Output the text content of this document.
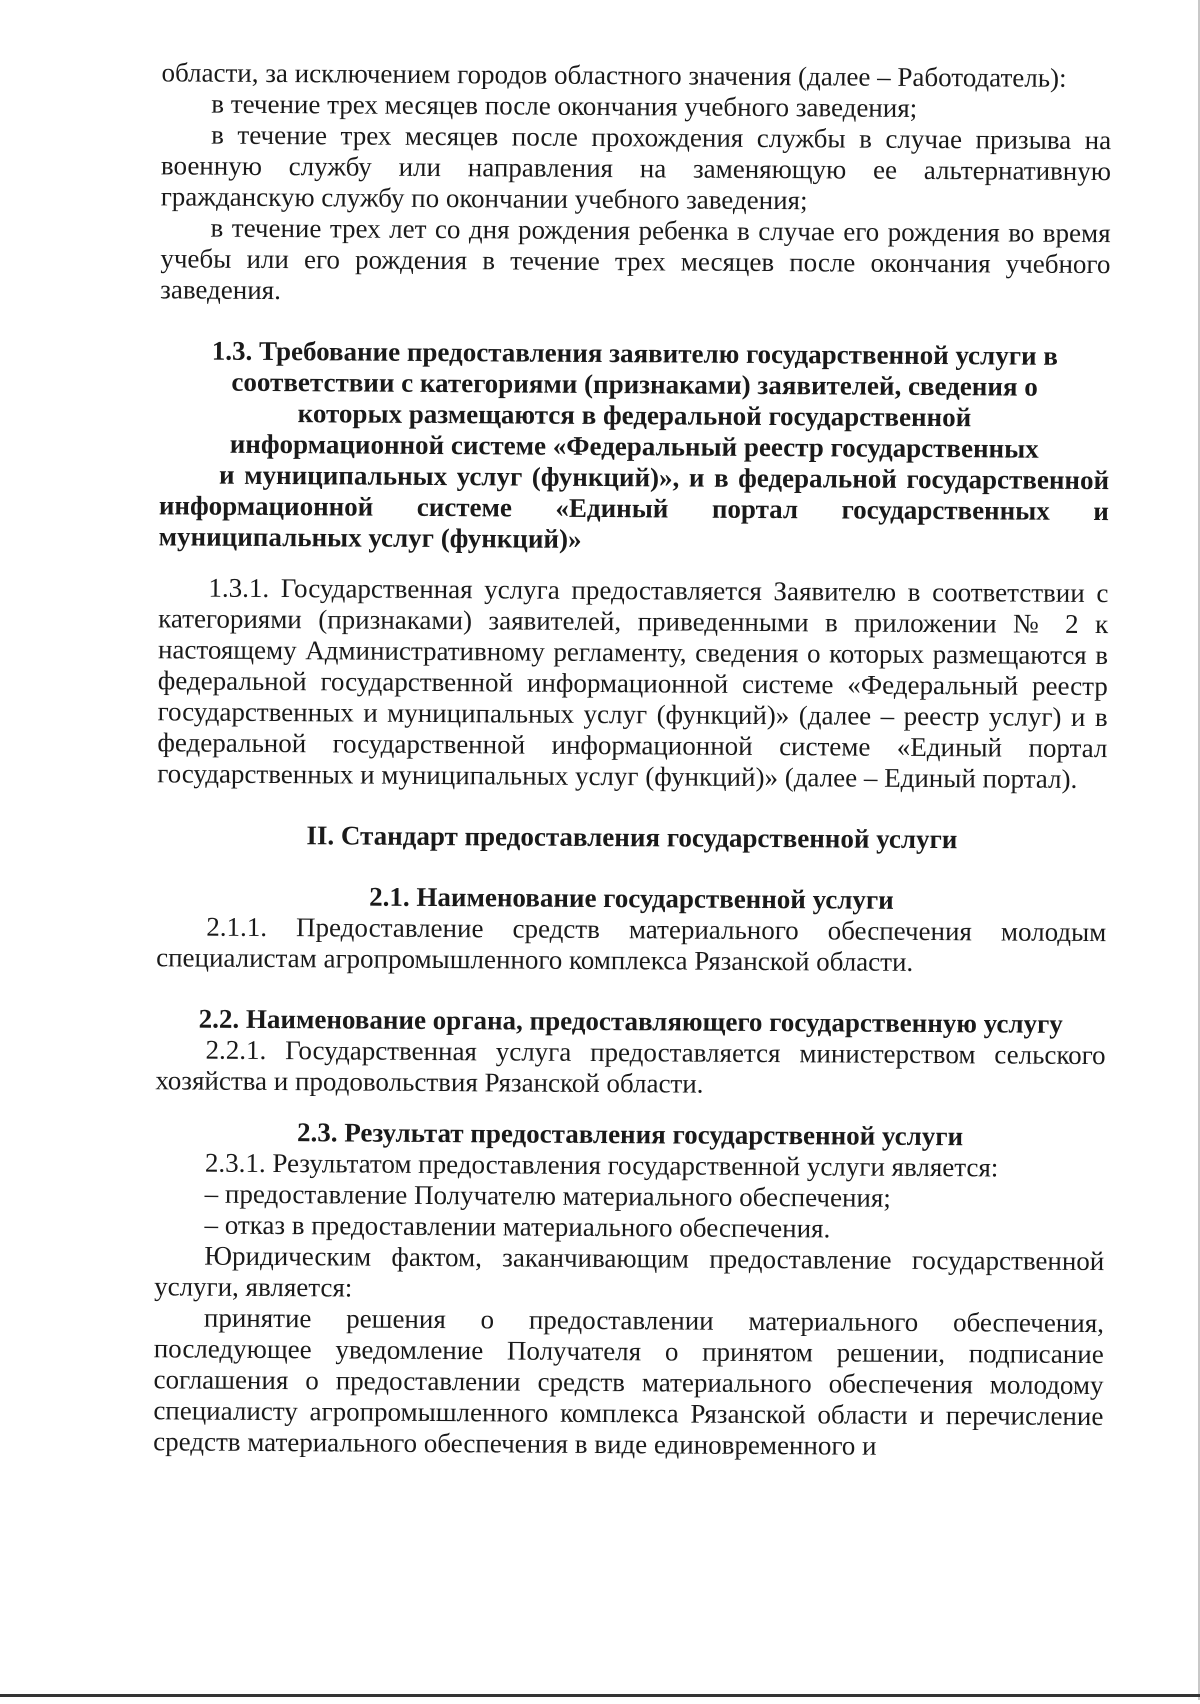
области, за исключением городов областного значения (далее – Работодатель):

в течение трех месяцев после окончания учебного заведения;

в течение трех месяцев после прохождения службы в случае призыва на военную службу или направления на заменяющую ее альтернативную гражданскую службу по окончании учебного заведения;

в течение трех лет со дня рождения ребенка в случае его рождения во время учебы или его рождения в течение трех месяцев после окончания учебного заведения.

1.3. Требование предоставления заявителю государственной услуги в соответствии с категориями (признаками) заявителей, сведения о которых размещаются в федеральной государственной информационной системе «Федеральный реестр государственных

и муниципальных услуг (функций)», и в федеральной государственной информационной системе «Единый портал государственных и муниципальных услуг (функций)»

1.3.1. Государственная услуга предоставляется Заявителю в соответствии с категориями (признаками) заявителей, приведенными в приложении № 2 к настоящему Административному регламенту, сведения о которых размещаются в федеральной государственной информационной системе «Федеральный реестр государственных и муниципальных услуг (функций)» (далее – реестр услуг) и в федеральной государственной информационной системе «Единый портал государственных и муниципальных услуг (функций)» (далее – Единый портал).

II. Стандарт предоставления государственной услуги

2.1. Наименование государственной услуги

2.1.1. Предоставление средств материального обеспечения молодым специалистам агропромышленного комплекса Рязанской области.

2.2. Наименование органа, предоставляющего государственную услугу

2.2.1. Государственная услуга предоставляется министерством сельского хозяйства и продовольствия Рязанской области.

2.3. Результат предоставления государственной услуги

2.3.1. Результатом предоставления государственной услуги является:

– предоставление Получателю материального обеспечения;

– отказ в предоставлении материального обеспечения.

Юридическим фактом, заканчивающим предоставление государственной услуги, является:

принятие решения о предоставлении материального обеспечения, последующее уведомление Получателя о принятом решении, подписание соглашения о предоставлении средств материального обеспечения молодому специалисту агропромышленного комплекса Рязанской области и перечисление средств материального обеспечения в виде единовременного и
